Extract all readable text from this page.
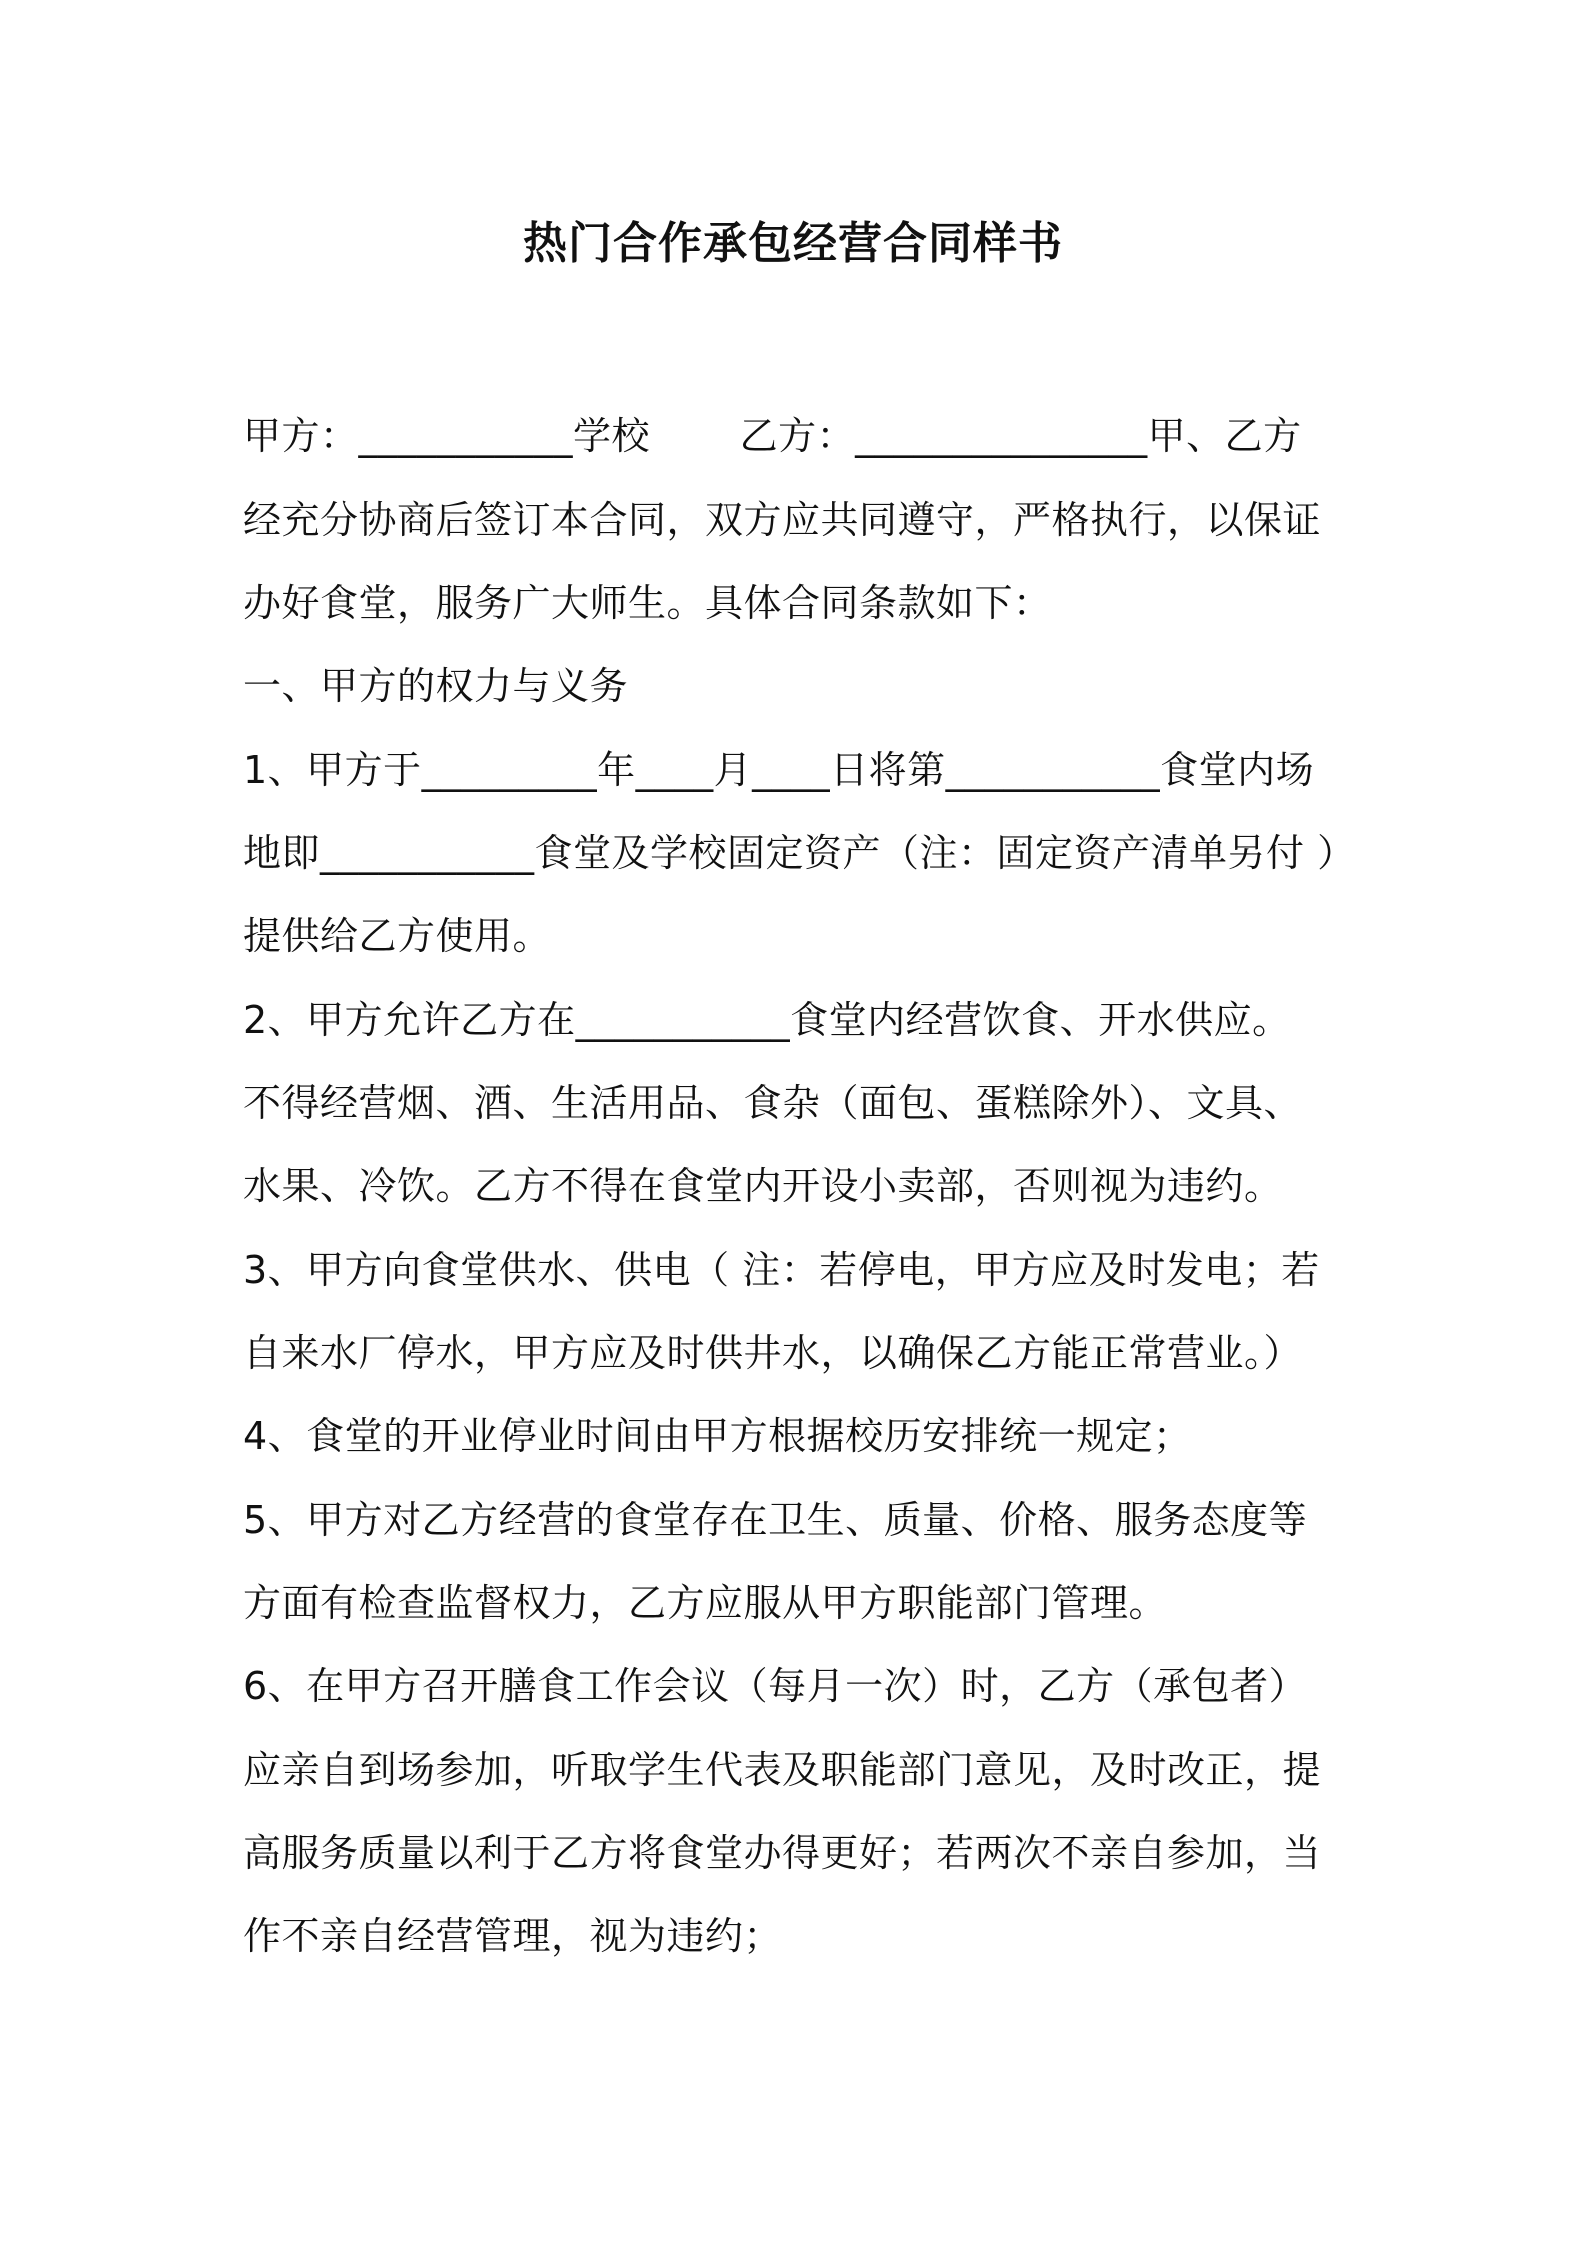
热门合作承包经营合同样书
甲方：___________学校　　 乙方：_______________甲、乙方
经充分协商后签订本合同，双方应共同遵守，严格执行，以保证
办好食堂，服务广大师生。具体合同条款如下：
一、甲方的权力与义务
1、甲方于_________年____月____日将第___________食堂内场
地即___________食堂及学校固定资产（注：固定资产清单另付 ）
提供给乙方使用。
2、甲方允许乙方在___________食堂内经营饮食、开水供应。
不得经营烟、酒、生活用品、食杂（面包、蛋糕除外）、文具、
水果、冷饮。乙方不得在食堂内开设小卖部，否则视为违约。
3、甲方向食堂供水、供电（ 注：若停电，甲方应及时发电；若
自来水厂停水，甲方应及时供井水，以确保乙方能正常营业。）
4、食堂的开业停业时间由甲方根据校历安排统一规定；
5、甲方对乙方经营的食堂存在卫生、质量、价格、服务态度等
方面有检查监督权力，乙方应服从甲方职能部门管理。
6、在甲方召开膳食工作会议（每月一次）时，乙方（承包者）
应亲自到场参加，听取学生代表及职能部门意见，及时改正，提
高服务质量以利于乙方将食堂办得更好；若两次不亲自参加，当
作不亲自经营管理，视为违约；
